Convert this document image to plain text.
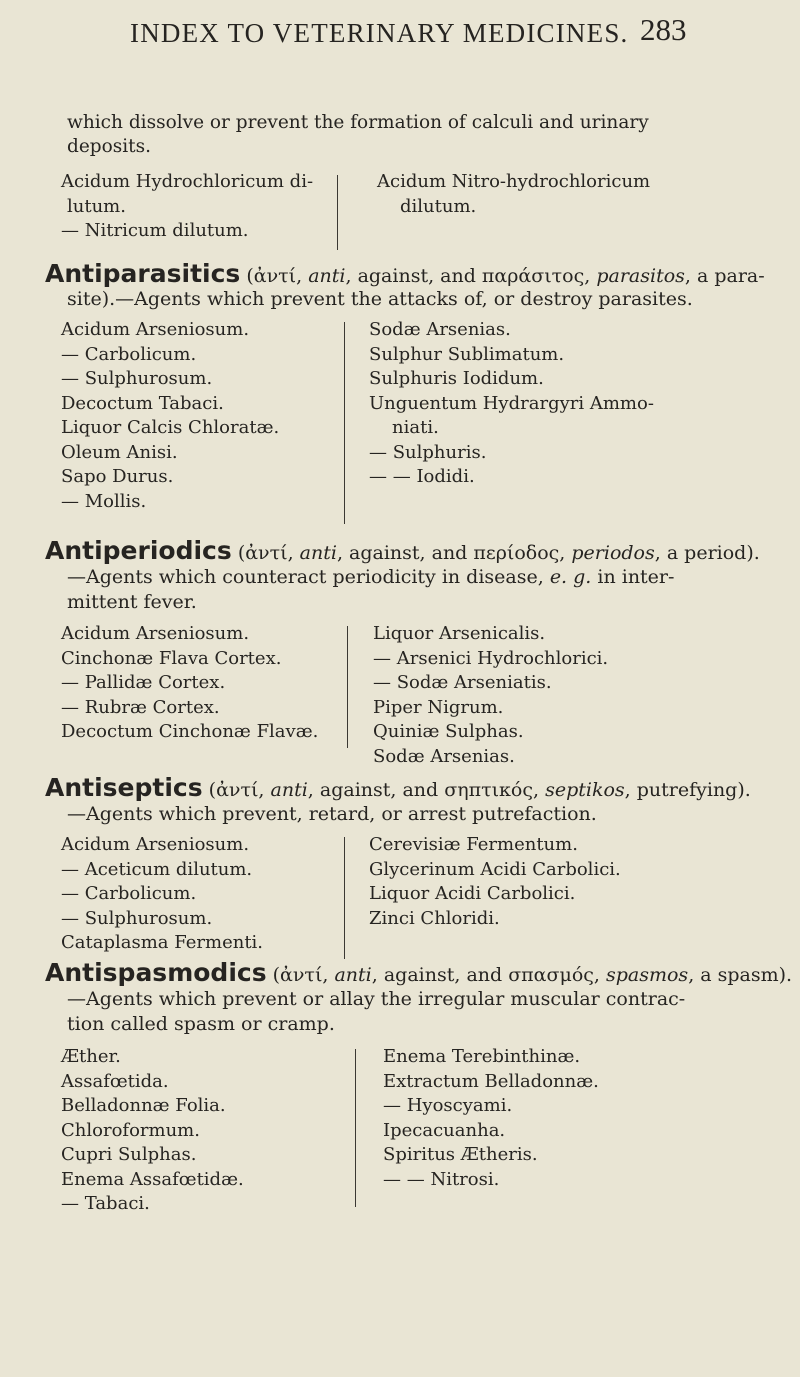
INDEX TO VETERINARY MEDICINES. 283
which dissolve or prevent the formation of calculi and urinary
deposits.
Acidum Hydrochloricum di-
lutum.
— Nitricum dilutum.
Acidum Nitro-hydrochloricum
dilutum.
Antiparasitics (ἀντί, anti, against, and παράσιτος, parasitos, a para-
site).—Agents which prevent the attacks of, or destroy parasites.
Acidum Arseniosum.
— Carbolicum.
— Sulphurosum.
Decoctum Tabaci.
Liquor Calcis Chloratæ.
Oleum Anisi.
Sapo Durus.
— Mollis.
Sodæ Arsenias.
Sulphur Sublimatum.
Sulphuris Iodidum.
Unguentum Hydrargyri Ammo-
niati.
— Sulphuris.
— — Iodidi.
Antiperiodics (ἀντί, anti, against, and περίοδος, periodos, a period).
—Agents which counteract periodicity in disease, e. g. in inter-
mittent fever.
Acidum Arseniosum.
Cinchonæ Flava Cortex.
— Pallidæ Cortex.
— Rubræ Cortex.
Decoctum Cinchonæ Flavæ.
Liquor Arsenicalis.
— Arsenici Hydrochlorici.
— Sodæ Arseniatis.
Piper Nigrum.
Quiniæ Sulphas.
Sodæ Arsenias.
Antiseptics (ἀντί, anti, against, and σηπτικός, septikos, putrefying).
—Agents which prevent, retard, or arrest putrefaction.
Acidum Arseniosum.
— Aceticum dilutum.
— Carbolicum.
— Sulphurosum.
Cataplasma Fermenti.
Cerevisiæ Fermentum.
Glycerinum Acidi Carbolici.
Liquor Acidi Carbolici.
Zinci Chloridi.
Antispasmodics (ἀντί, anti, against, and σπασμός, spasmos, a spasm).
—Agents which prevent or allay the irregular muscular contrac-
tion called spasm or cramp.
Æther.
Assafœtida.
Belladonnæ Folia.
Chloroformum.
Cupri Sulphas.
Enema Assafœtidæ.
— Tabaci.
Enema Terebinthinæ.
Extractum Belladonnæ.
— Hyoscyami.
Ipecacuanha.
Spiritus Ætheris.
— — Nitrosi.
